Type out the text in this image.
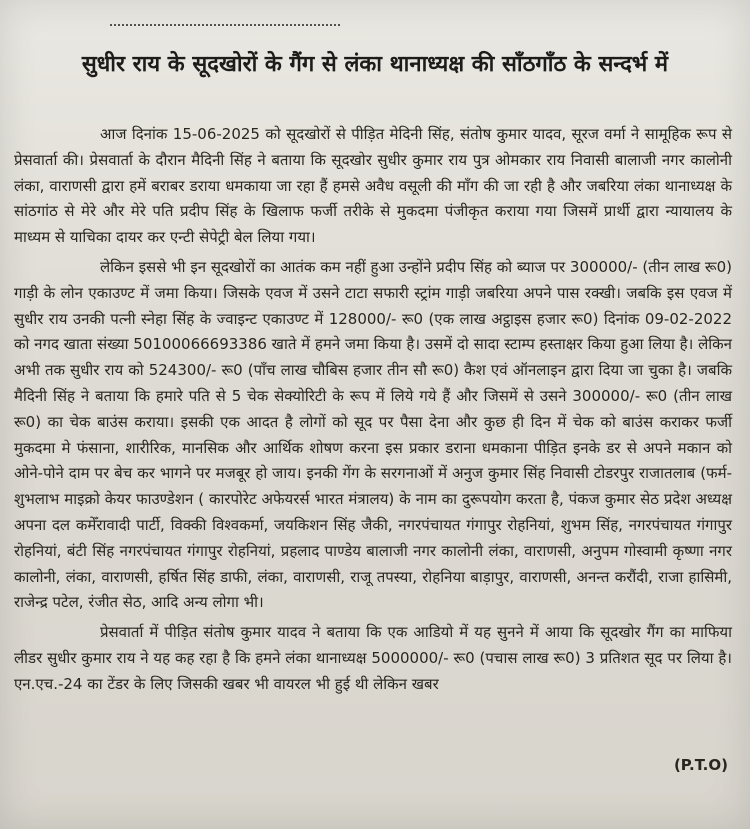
सुधीर राय के सूदखोरों के गैंग से लंका थानाध्यक्ष की साँठगाँठ के सन्दर्भ में

आज दिनांक 15-06-2025 को सूदखोरों से पीड़ित मेदिनी सिंह, संतोष कुमार यादव, सूरज वर्मा ने सामूहिक रूप से प्रेसवार्ता की। प्रेसवार्ता के दौरान मैदिनी सिंह ने बताया कि सूदखोर सुधीर कुमार राय पुत्र ओमकार राय निवासी बालाजी नगर कालोनी लंका, वाराणसी द्वारा हमें बराबर डराया धमकाया जा रहा हैं हमसे अवैध वसूली की माँग की जा रही है और जबरिया लंका थानाध्यक्ष के सांठगांठ से मेरे और मेरे पति प्रदीप सिंह के खिलाफ फर्जी तरीके से मुकदमा पंजीकृत कराया गया जिसमें प्रार्थी द्वारा न्यायालय के माध्यम से याचिका दायर कर एन्टी सेपेट्री बेल लिया गया।

लेकिन इससे भी इन सूदखोरों का आतंक कम नहीं हुआ उन्होंने प्रदीप सिंह को ब्याज पर 300000/- (तीन लाख रू0) गाड़ी के लोन एकाउण्ट में जमा किया। जिसके एवज में उसने टाटा सफारी स्ट्रांम गाड़ी जबरिया अपने पास रक्खी। जबकि इस एवज में सुधीर राय उनकी पत्नी स्नेहा सिंह के ज्वाइन्ट एकाउण्ट में 128000/- रू0 (एक लाख अट्ठाइस हजार रू0) दिनांक 09-02-2022 को नगद खाता संख्या 50100066693386 खाते में हमने जमा किया है। उसमें दो सादा स्टाम्प हस्ताक्षर किया हुआ लिया है। लेकिन अभी तक सुधीर राय को 524300/- रू0 (पाँच लाख चौबिस हजार तीन सौ रू0) कैश एवं ऑनलाइन द्वारा दिया जा चुका है। जबकि मैदिनी सिंह ने बताया कि हमारे पति से 5 चेक सेक्योरिटी के रूप में लिये गये हैं और जिसमें से उसने 300000/- रू0 (तीन लाख रू0) का चेक बाउंस कराया। इसकी एक आदत है लोगों को सूद पर पैसा देना और कुछ ही दिन में चेक को बाउंस कराकर फर्जी मुकदमा मे फंसाना, शारीरिक, मानसिक और आर्थिक शोषण करना इस प्रकार डराना धमकाना पीड़ित इनके डर से अपने मकान को ओने-पोने दाम पर बेच कर भागने पर मजबूर हो जाय। इनकी गेंग के सरगनाओं में अनुज कुमार सिंह निवासी टोडरपुर राजातलाब (फर्म- शुभलाभ माइक्रो केयर फाउण्डेशन ( कारपोरेट अफेयरर्स भारत मंत्रालय) के नाम का दुरूपयोग करता है, पंकज कुमार सेठ प्रदेश अध्यक्ष अपना दल कमेँरावादी पार्टी, विक्की विश्वकर्मा, जयकिशन सिंह जैकी, नगरपंचायत गंगापुर रोहनियां, शुभम सिंह, नगरपंचायत गंगापुर रोहनियां, बंटी सिंह नगरपंचायत गंगापुर रोहनियां, प्रहलाद पाण्डेय बालाजी नगर कालोनी लंका, वाराणसी, अनुपम गोस्वामी कृष्णा नगर कालोनी, लंका, वाराणसी, हर्षित सिंह डाफी, लंका, वाराणसी, राजू तपस्या, रोहनिया बाड़ापुर, वाराणसी, अनन्त करौंदी, राजा हासिमी, राजेन्द्र पटेल, रंजीत सेठ, आदि अन्य लोगा भी।

प्रेसवार्ता में पीड़ित संतोष कुमार यादव ने बताया कि एक आडियो में यह सुनने में आया कि सूदखोर गैंग का माफिया लीडर सुधीर कुमार राय ने यह कह रहा है कि हमने लंका थानाध्यक्ष 5000000/- रू0 (पचास लाख रू0) 3 प्रतिशत सूद पर लिया है। एन.एच.-24 का टेंडर के लिए जिसकी खबर भी वायरल भी हुई थी लेकिन खबर

(P.T.O)
